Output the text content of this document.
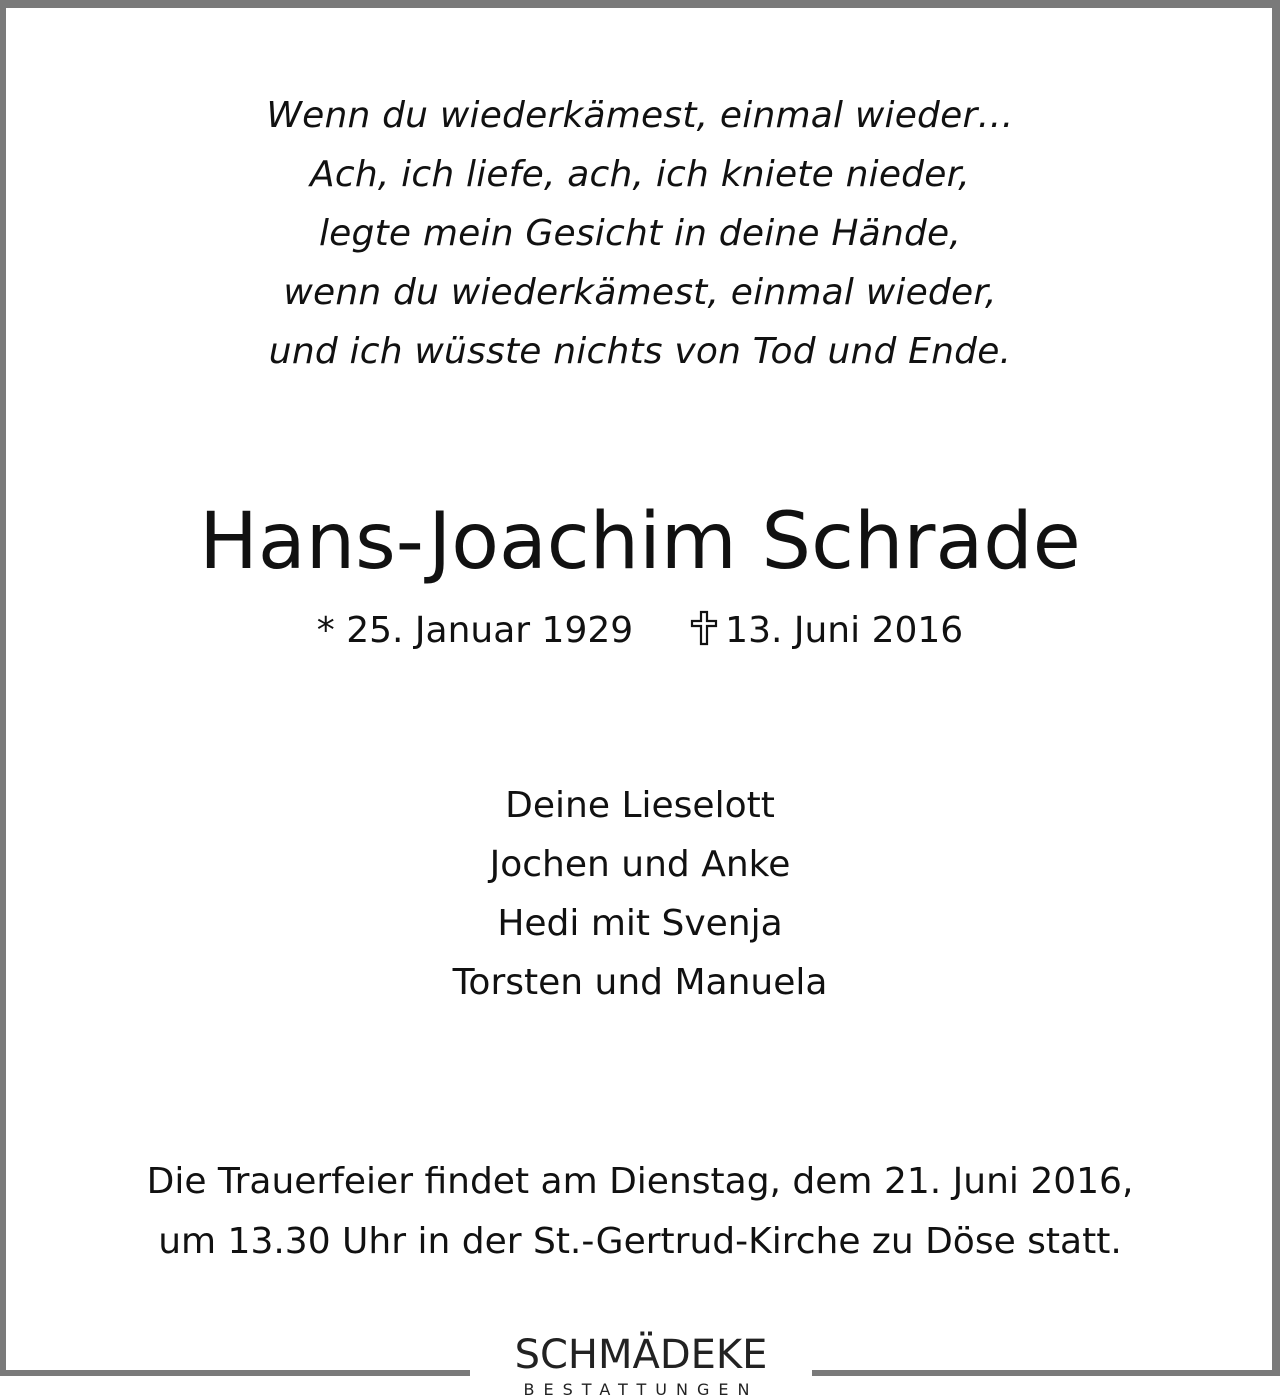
Wenn du wiederkämest, einmal wieder…
Ach, ich liefe, ach, ich kniete nieder,
legte mein Gesicht in deine Hände,
wenn du wiederkämest, einmal wieder,
und ich wüsste nichts von Tod und Ende.
Hans-Joachim Schrade
* 25. Januar 1929	13. Juni 2016
Deine Lieselott
Jochen und Anke
Hedi mit Svenja
Torsten und Manuela
Die Trauerfeier findet am Dienstag, dem 21. Juni 2016,
um 13.30 Uhr in der St.-Gertrud-Kirche zu Döse statt.
SCHMÄDEKE
BESTATTUNGEN
